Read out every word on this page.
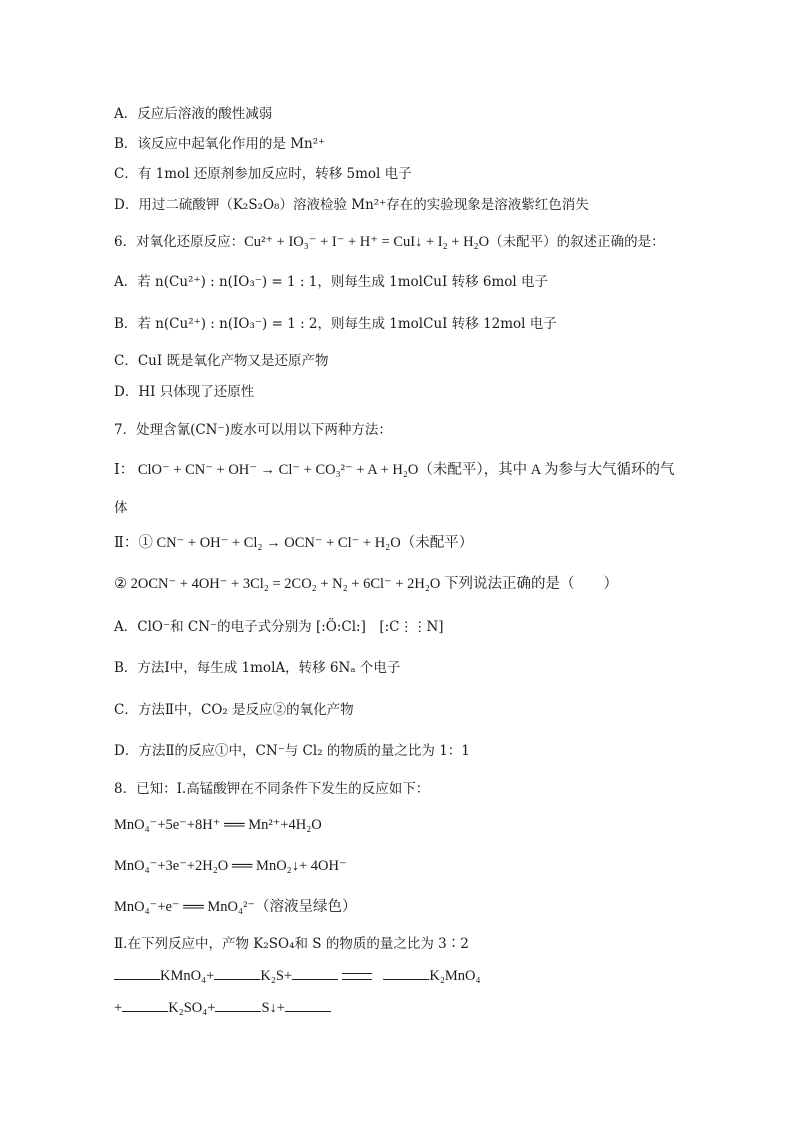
A．反应后溶液的酸性减弱
B．该反应中起氧化作用的是 Mn²⁺
C．有 1mol 还原剂参加反应时，转移 5mol 电子
D．用过二硫酸钾（K₂S₂O₈）溶液检验 Mn²⁺存在的实验现象是溶液紫红色消失
6．对氧化还原反应：Cu²⁺ + IO₃⁻ + I⁻ + H⁺ = CuI↓ + I₂ + H₂O（未配平）的叙述正确的是：
A．若 n(Cu²⁺) : n(IO₃⁻) = 1 : 1，则每生成 1molCuI 转移 6mol 电子
B．若 n(Cu²⁺) : n(IO₃⁻) = 1 : 2，则每生成 1molCuI 转移 12mol 电子
C．CuI 既是氧化产物又是还原产物
D．HI 只体现了还原性
7．处理含氰(CN⁻)废水可以用以下两种方法：
Ⅰ： ClO⁻ + CN⁻ + OH⁻ → Cl⁻ + CO₃²⁻ + A + H₂O（未配平），其中 A 为参与大气循环的气
体
Ⅱ：① CN⁻ + OH⁻ + Cl₂ → OCN⁻ + Cl⁻ + H₂O（未配平）
② 2OCN⁻ + 4OH⁻ + 3Cl₂ = 2CO₂ + N₂ + 6Cl⁻ + 2H₂O 下列说法正确的是（　　）
A．ClO⁻和 CN⁻的电子式分别为 [:Ö:Cl:]　[:C⋮⋮N]
B．方法Ⅰ中，每生成 1molA，转移 6Nₐ 个电子
C．方法Ⅱ中，CO₂ 是反应②的氧化产物
D．方法Ⅱ的反应①中，CN⁻与 Cl₂ 的物质的量之比为 1：1
8．已知：Ⅰ.高锰酸钾在不同条件下发生的反应如下：
MnO₄⁻+5e⁻+8H⁺ ══ Mn²⁺+4H₂O
MnO₄⁻+3e⁻+2H₂O ══ MnO₂↓+ 4OH⁻
MnO₄⁻+e⁻ ══ MnO₄²⁻（溶液呈绿色）
Ⅱ.在下列反应中，产物 K₂SO₄和 S 的物质的量之比为 3∶2
KMnO₄+	K₂S+	K₂MnO₄
+	K₂SO₄+	S↓+
